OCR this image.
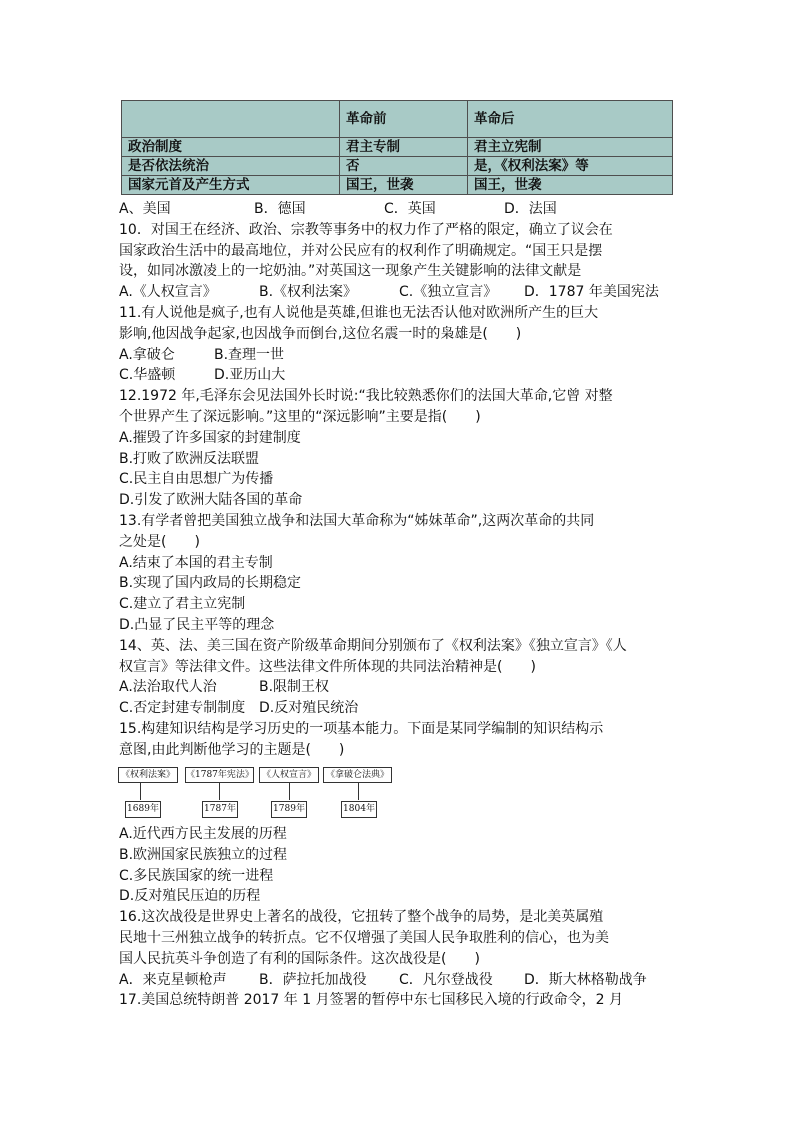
	革命前	革命后
政治制度	君主专制	君主立宪制
是否依法统治	否	是，《权利法案》等
国家元首及产生方式	国王，世袭	国王，世袭
A、美国	B．德国	C．英国	D．法国
10．对国王在经济、政治、宗教等事务中的权力作了严格的限定，确立了议会在
国家政治生活中的最高地位，并对公民应有的权利作了明确规定。“国王只是摆
设，如同冰激凌上的一坨奶油。”对英国这一现象产生关键影响的法律文献是
A.《人权宣言》	B.《权利法案》	C.《独立宣言》 D．1787 年美国宪法
11.有人说他是疯子,也有人说他是英雄,但谁也无法否认他对欧洲所产生的巨大
影响,他因战争起家,也因战争而倒台,这位名震一时的枭雄是(　　)
A.拿破仑	B.查理一世
C.华盛顿	D.亚历山大
12.1972 年,毛泽东会见法国外长时说:“我比较熟悉你们的法国大革命,它曾 对整
个世界产生了深远影响。”这里的“深远影响”主要是指(　　)
A.摧毁了许多国家的封建制度
B.打败了欧洲反法联盟
C.民主自由思想广为传播
D.引发了欧洲大陆各国的革命
13.有学者曾把美国独立战争和法国大革命称为“姊妹革命”,这两次革命的共同
之处是(　　)
A.结束了本国的君主专制
B.实现了国内政局的长期稳定
C.建立了君主立宪制
D.凸显了民主平等的理念
14、英、法、美三国在资产阶级革命期间分别颁布了《权利法案》《独立宣言》《人
权宣言》等法律文件。这些法律文件所体现的共同法治精神是(　　)
A.法治取代人治	B.限制王权
C.否定封建专制制度 D.反对殖民统治
15.构建知识结构是学习历史的一项基本能力。下面是某同学编制的知识结构示
意图,由此判断他学习的主题是(　　)
《权利法案》	《1787年宪法》 《人权宣言》	《拿破仑法典》
1689年	1787年	1789年	1804年
A.近代西方民主发展的历程
B.欧洲国家民族独立的过程
C.多民族国家的统一进程
D.反对殖民压迫的历程
16.这次战役是世界史上著名的战役，它扭转了整个战争的局势，是北美英属殖
民地十三州独立战争的转折点。它不仅增强了美国人民争取胜利的信心，也为美
国人民抗英斗争创造了有利的国际条件。这次战役是(　　)
A．来克星顿枪声 B．萨拉托加战役 C．凡尔登战役 D．斯大林格勒战争
17.美国总统特朗普 2017 年 1 月签署的暂停中东七国移民入境的行政命令，2 月
